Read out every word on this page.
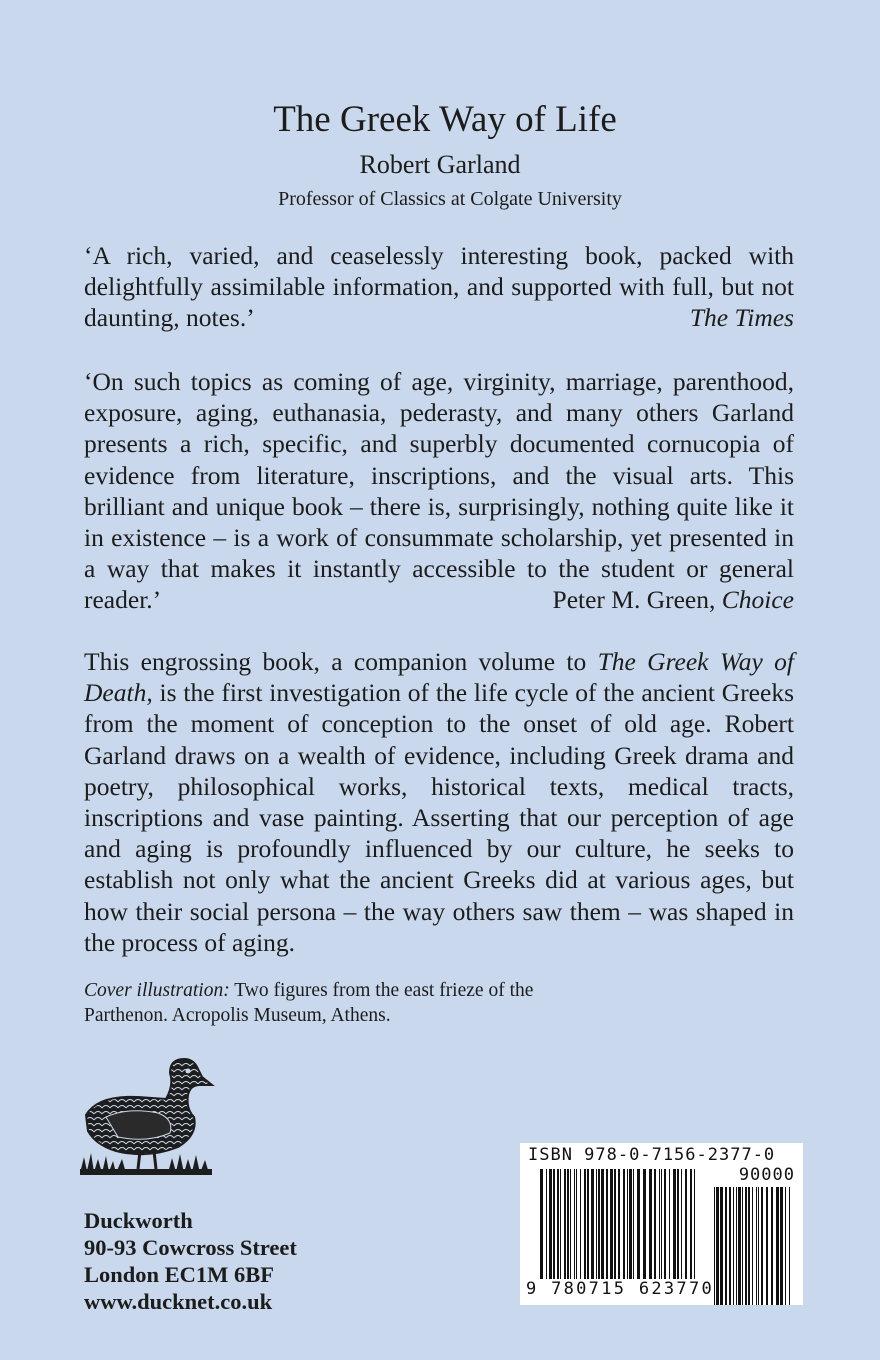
The Greek Way of Life
Robert Garland
Professor of Classics at Colgate University
‘A rich, varied, and ceaselessly interesting book, packed with delightfully assimilable information, and supported with full, but not daunting, notes.’	The Times
‘On such topics as coming of age, virginity, marriage, parenthood, exposure, aging, euthanasia, pederasty, and many others Garland presents a rich, specific, and superbly documented cornucopia of evidence from literature, inscriptions, and the visual arts. This brilliant and unique book – there is, surprisingly, nothing quite like it in existence – is a work of consummate scholarship, yet presented in a way that makes it instantly accessible to the student or general reader.’	Peter M. Green, Choice
This engrossing book, a companion volume to The Greek Way of Death, is the first investigation of the life cycle of the ancient Greeks from the moment of conception to the onset of old age. Robert Garland draws on a wealth of evidence, including Greek drama and poetry, philosophical works, historical texts, medical tracts, inscriptions and vase painting. Asserting that our perception of age and aging is profoundly influenced by our culture, he seeks to establish not only what the ancient Greeks did at various ages, but how their social persona – the way others saw them – was shaped in the process of aging.
Cover illustration: Two figures from the east frieze of the Parthenon. Acropolis Museum, Athens.
Duckworth
90-93 Cowcross Street
London EC1M 6BF
www.ducknet.co.uk
ISBN 978-0-7156-2377-0
90000
9 780715 623770
